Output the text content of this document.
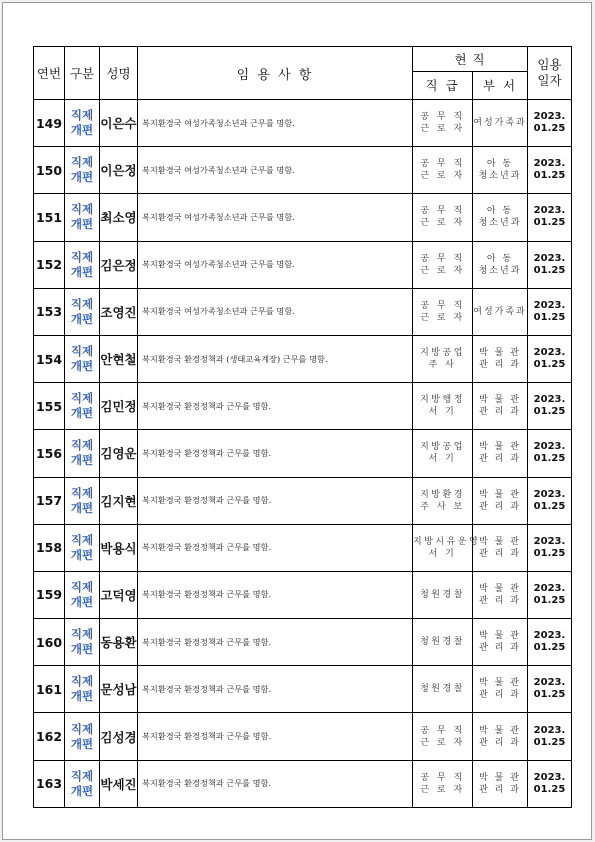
연번	구분	성명	임 용 사 항	현 직		임용
일자

				직 급	부 서	
149	직제
개편	이은수	복지환경국 여성가족청소년과 근무를 명함.	공 무 직
근 로 자	여성가족과	2023.
01.25

150	직제
개편	이은정	복지환경국 여성가족청소년과 근무를 명함.	공 무 직
근 로 자	아 동
청소년과	2023.
01.25

151	직제
개편	최소영	복지환경국 여성가족청소년과 근무를 명함.	공 무 직
근 로 자	아 동
청소년과	2023.
01.25

152	직제
개편	김은정	복지환경국 여성가족청소년과 근무를 명함.	공 무 직
근 로 자	아 동
청소년과	2023.
01.25

153	직제
개편	조영진	복지환경국 여성가족청소년과 근무를 명함.	공 무 직
근 로 자	여성가족과	2023.
01.25

154	직제
개편	안현철	복지환경국 환경정책과 (생태교육계장) 근무를 명함.	지방공업
주 사	박 물 관
관 리 과	2023.
01.25

155	직제
개편	김민정	복지환경국 환경정책과 근무를 명함.	지방행정
서 기	박 물 관
관 리 과	2023.
01.25

156	직제
개편	김영운	복지환경국 환경정책과 근무를 명함.	지방공업
서 기	박 물 관
관 리 과	2023.
01.25

157	직제
개편	김지현	복지환경국 환경정책과 근무를 명함.	지방환경
주 사 보	박 물 관
관 리 과	2023.
01.25

158	직제
개편	박용식	복지환경국 환경정책과 근무를 명함.	지방시유운영
서 기	박 물 관
관 리 과	2023.
01.25

159	직제
개편	고덕영	복지환경국 환경정책과 근무를 명함.	청원경찰	박 물 관
관 리 과	2023.
01.25

160	직제
개편	동용환	복지환경국 환경정책과 근무를 명함.	청원경찰	박 물 관
관 리 과	2023.
01.25

161	직제
개편	문성남	복지환경국 환경정책과 근무를 명함.	청원경찰	박 물 관
관 리 과	2023.
01.25

162	직제
개편	김성경	복지환경국 환경정책과 근무를 명함.	공 무 직
근 로 자	박 물 관
관 리 과	2023.
01.25

163	직제
개편	박세진	복지환경국 환경정책과 근무를 명함.	공 무 직
근 로 자	박 물 관
관 리 과	2023.
01.25
